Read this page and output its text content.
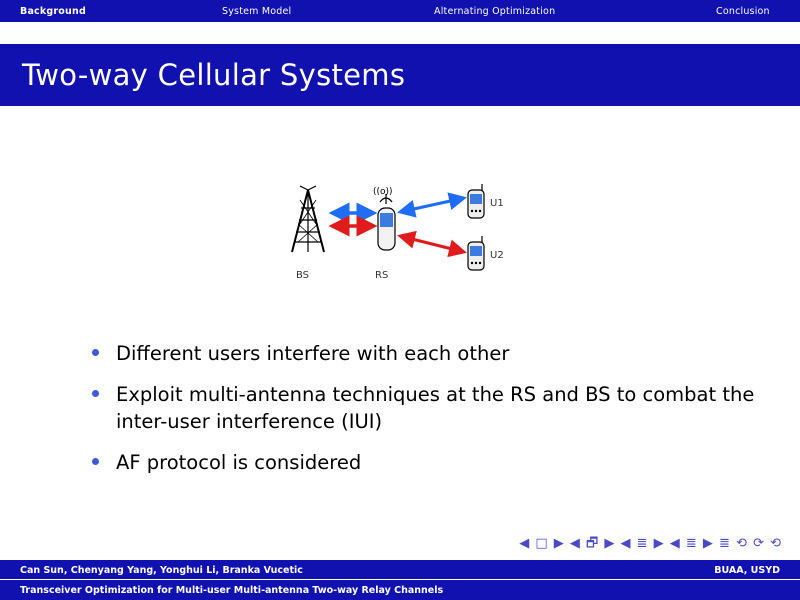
Background	System Model	Alternating Optimization	Conclusion
Two-way Cellular Systems
((o))
BS	RS
U1
U2
Different users interfere with each other
Exploit multi-antenna techniques at the RS and BS to combat the inter-user interference (IUI)
AF protocol is considered
◀ □ ▶ ◀ 🗗 ▶ ◀ ≣ ▶ ◀ ≣ ▶ ≣ ⟲ ⟳ ⟲
Can Sun, Chenyang Yang, Yonghui Li, Branka Vucetic	BUAA, USYD
Transceiver Optimization for Multi-user Multi-antenna Two-way Relay Channels
